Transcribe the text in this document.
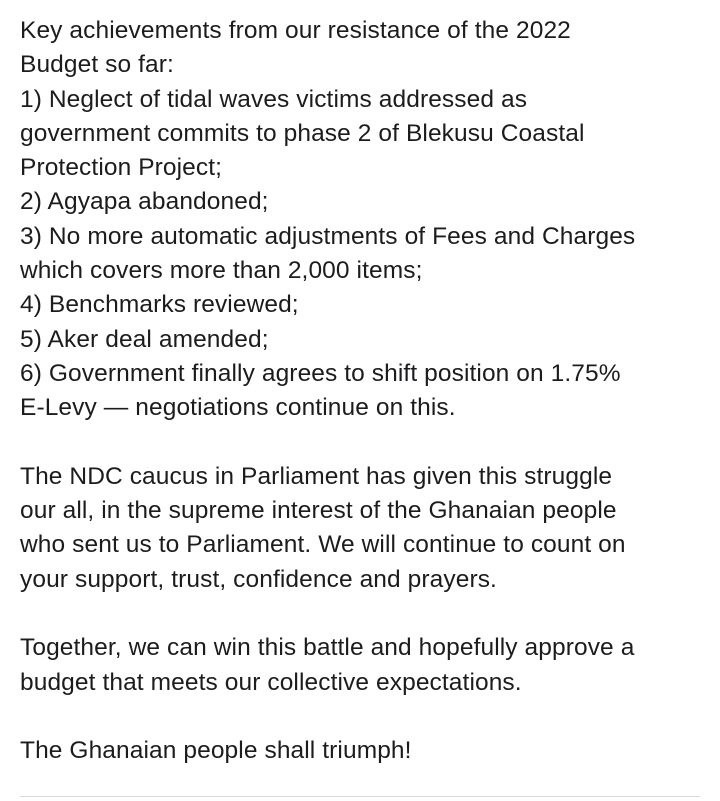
Key achievements from our resistance of the 2022
Budget so far:

1) Neglect of tidal waves victims addressed as
government commits to phase 2 of Blekusu Coastal
Protection Project;

2) Agyapa abandoned;

3) No more automatic adjustments of Fees and Charges
which covers more than 2,000 items;

4) Benchmarks reviewed;

5) Aker deal amended;

6) Government finally agrees to shift position on 1.75%
E-Levy — negotiations continue on this.

The NDC caucus in Parliament has given this struggle
our all, in the supreme interest of the Ghanaian people
who sent us to Parliament. We will continue to count on
your support, trust, confidence and prayers.

Together, we can win this battle and hopefully approve a
budget that meets our collective expectations.

The Ghanaian people shall triumph!
